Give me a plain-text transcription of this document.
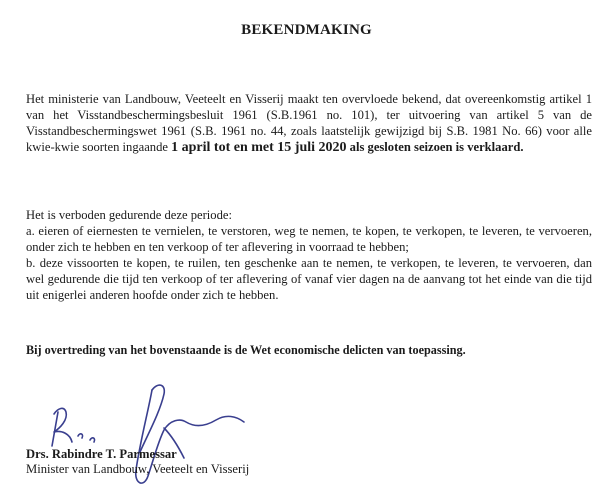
BEKENDMAKING
Het ministerie van Landbouw, Veeteelt en Visserij maakt ten overvloede bekend, dat overeenkomstig artikel 1 van het Visstandbeschermingsbesluit 1961 (S.B.1961 no. 101), ter uitvoering van artikel 5 van de Visstandbeschermingswet 1961 (S.B. 1961 no. 44, zoals laatstelijk gewijzigd bij S.B. 1981 No. 66) voor alle kwie-kwie soorten ingaande 1 april tot en met 15 juli 2020 als gesloten seizoen is verklaard.
Het is verboden gedurende deze periode:
a. eieren of eiernesten te vernielen, te verstoren, weg te nemen, te kopen, te verkopen, te leveren, te vervoeren, onder zich te hebben en ten verkoop of ter aflevering in voorraad te hebben;
b. deze vissoorten te kopen, te ruilen, ten geschenke aan te nemen, te verkopen, te leveren, te vervoeren, dan wel gedurende die tijd ten verkoop of ter aflevering of vanaf vier dagen na de aanvang tot het einde van die tijd uit enigerlei anderen hoofde onder zich te hebben.
Bij overtreding van het bovenstaande is de Wet economische delicten van toepassing.
Drs. Rabindre T. Parmessar
Minister van Landbouw, Veeteelt en Visserij
